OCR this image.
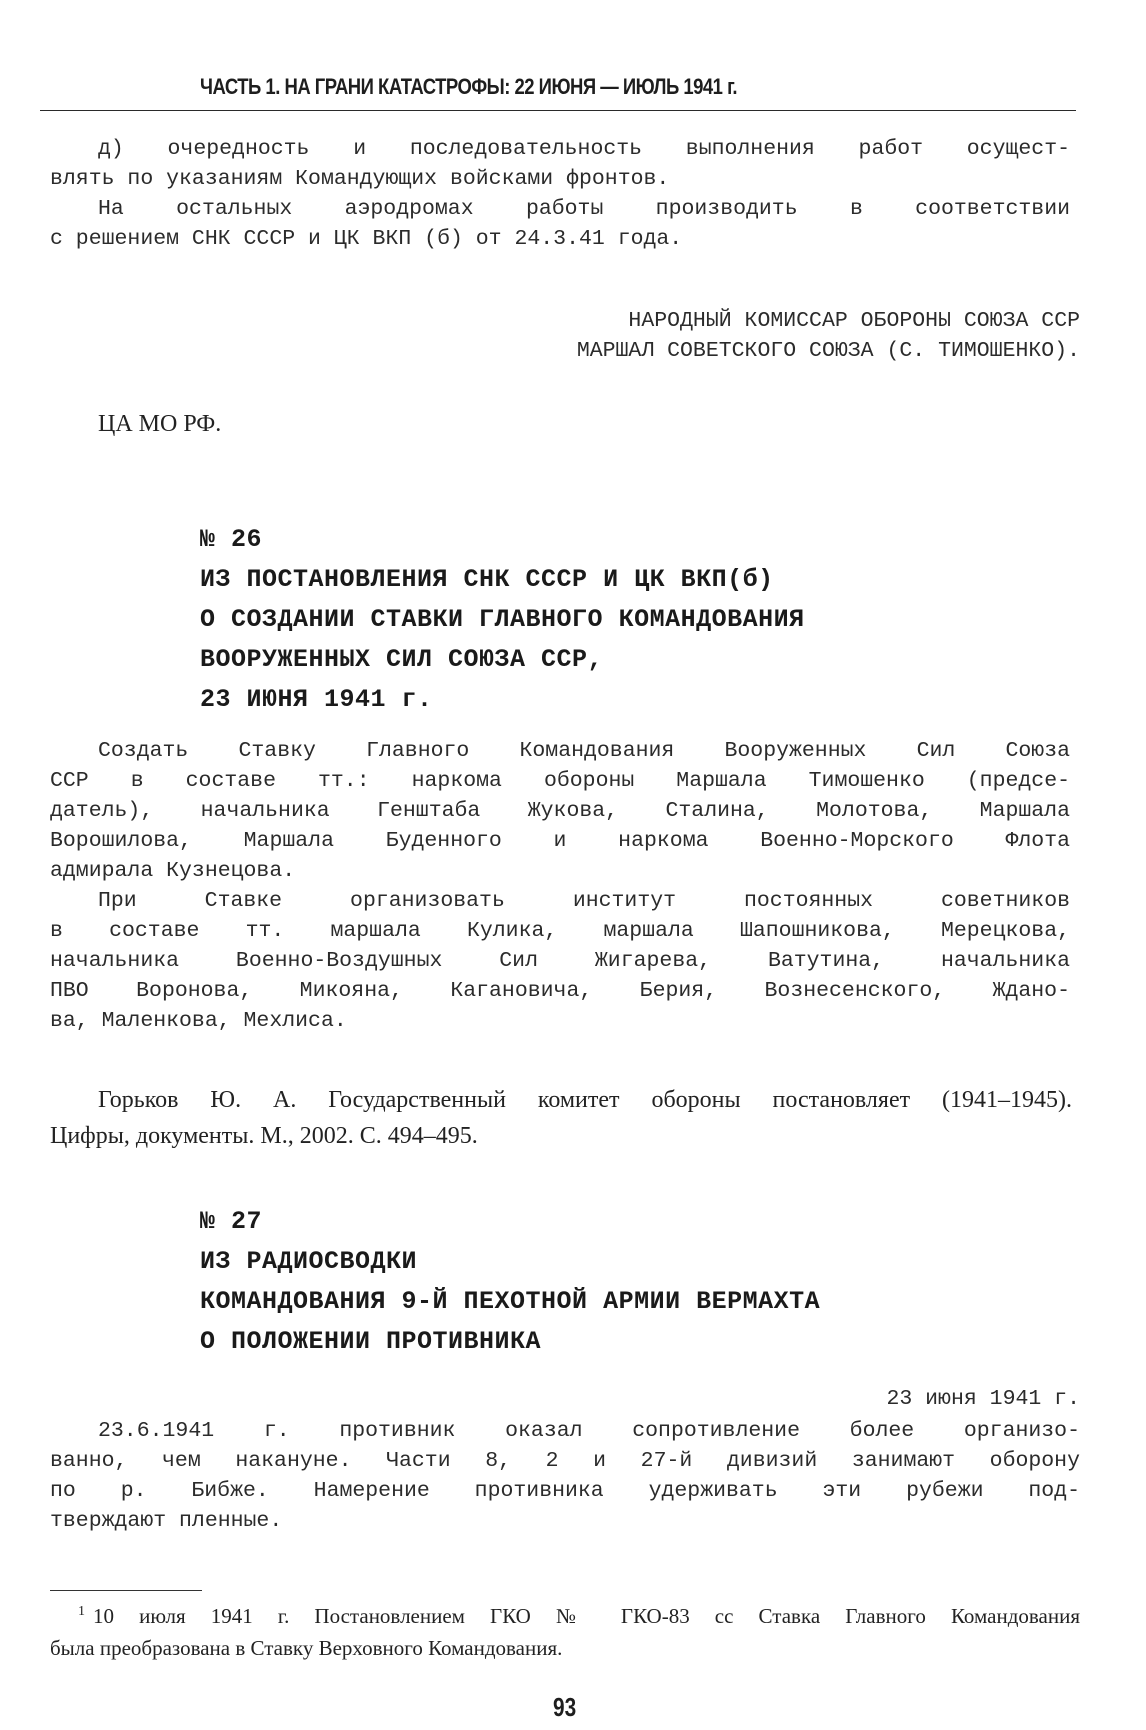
ЧАСТЬ 1. НА ГРАНИ КАТАСТРОФЫ: 22 ИЮНЯ — ИЮЛЬ 1941 г.
д) очередность и последовательность выполнения работ осущест-
влять по указаниям Командующих войсками фронтов.
На остальных аэродромах работы производить в соответствии
с решением СНК СССР и ЦК ВКП (б) от 24.3.41 года.
НАРОДНЫЙ КОМИССАР ОБОРОНЫ СОЮЗА ССР
МАРШАЛ СОВЕТСКОГО СОЮЗА (С. ТИМОШЕНКО).
ЦА МО РФ.
№ 26
ИЗ ПОСТАНОВЛЕНИЯ СНК СССР И ЦК ВКП(б)
О СОЗДАНИИ СТАВКИ ГЛАВНОГО КОМАНДОВАНИЯ
ВООРУЖЕННЫХ СИЛ СОЮЗА ССР,
23 ИЮНЯ 1941 г.
Создать Ставку Главного Командования Вооруженных Сил Союза
ССР в составе тт.: наркома обороны Маршала Тимошенко (предсе-
датель), начальника Генштаба Жукова, Сталина, Молотова, Маршала
Ворошилова, Маршала Буденного и наркома Военно-Морского Флота
адмирала Кузнецова.
При Ставке организовать институт постоянных советников
в составе тт. маршала Кулика, маршала Шапошникова, Мерецкова,
начальника Военно-Воздушных Сил Жигарева, Ватутина, начальника
ПВО Воронова, Микояна, Кагановича, Берия, Вознесенского, Ждано-
ва, Маленкова, Мехлиса.
Горьков Ю. А. Государственный комитет обороны постановляет (1941–1945).
Цифры, документы. М., 2002. С. 494–495.
№ 27
ИЗ РАДИОСВОДКИ
КОМАНДОВАНИЯ 9-Й ПЕХОТНОЙ АРМИИ ВЕРМАХТА
О ПОЛОЖЕНИИ ПРОТИВНИКА
23 июня 1941 г.
23.6.1941 г. противник оказал сопротивление более организо-
ванно, чем накануне. Части 8, 2 и 27-й дивизий занимают оборону
по р. Бибже. Намерение противника удерживать эти рубежи под-
тверждают пленные.
$^1$ 10 июля 1941 г. Постановлением ГКО № ГКО-83 сс Ставка Главного Командования
была преобразована в Ставку Верховного Командования.
93
